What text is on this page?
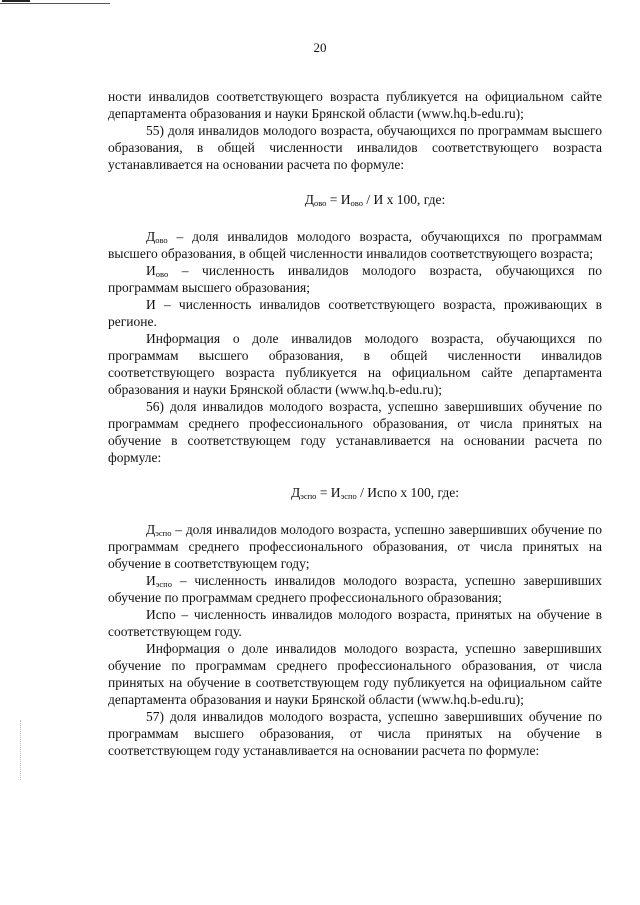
20

ности инвалидов соответствующего возраста публикуется на официальном сайте департамента образования и науки Брянской области (www.hq.b-edu.ru);

55) доля инвалидов молодого возраста, обучающихся по программам высшего образования, в общей численности инвалидов соответствующего возраста устанавливается на основании расчета по формуле:

$Д_{ово} = И_{ово} / И$ х 100, где:

$Д_{ово}$ – доля инвалидов молодого возраста, обучающихся по программам высшего образования, в общей численности инвалидов соответствующего возраста;

$И_{ово}$ – численность инвалидов молодого возраста, обучающихся по программам высшего образования;

И – численность инвалидов соответствующего возраста, проживающих в регионе.

Информация о доле инвалидов молодого возраста, обучающихся по программам высшего образования, в общей численности инвалидов соответствующего возраста публикуется на официальном сайте департамента образования и науки Брянской области (www.hq.b-edu.ru);

56) доля инвалидов молодого возраста, успешно завершивших обучение по программам среднего профессионального образования, от числа принятых на обучение в соответствующем году устанавливается на основании расчета по формуле:

$Д_{эспо} = И_{эспо}$ / Испо х 100, где:

$Д_{эспо}$ – доля инвалидов молодого возраста, успешно завершивших обучение по программам среднего профессионального образования, от числа принятых на обучение в соответствующем году;

$И_{эспо}$ – численность инвалидов молодого возраста, успешно завершивших обучение по программам среднего профессионального образования;

Испо – численность инвалидов молодого возраста, принятых на обучение в соответствующем году.

Информация о доле инвалидов молодого возраста, успешно завершивших обучение по программам среднего профессионального образования, от числа принятых на обучение в соответствующем году публикуется на официальном сайте департамента образования и науки Брянской области (www.hq.b-edu.ru);

57) доля инвалидов молодого возраста, успешно завершивших обучение по программам высшего образования, от числа принятых на обучение в соответствующем году устанавливается на основании расчета по формуле:
